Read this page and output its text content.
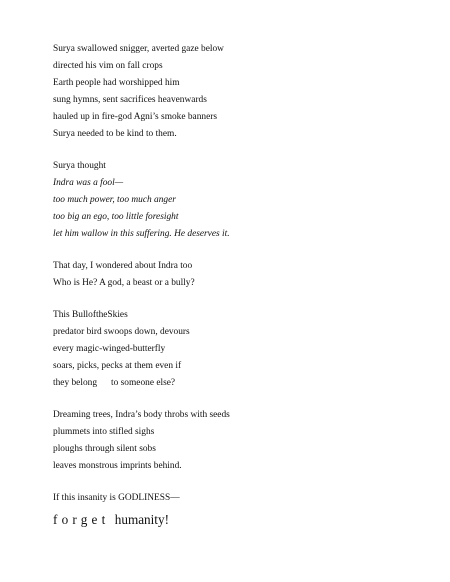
Surya swallowed snigger, averted gaze below
directed his vim on fall crops
Earth people had worshipped him
sung hymns, sent sacrifices heavenwards
hauled up in fire-god Agni’s smoke banners
Surya needed to be kind to them.
Surya thought
Indra was a fool—
too much power, too much anger
too big an ego, too little foresight
let him wallow in this suffering. He deserves it.
That day, I wondered about Indra too
Who is He? A god, a beast or a bully?
This BulloftheSkies
predator bird swoops down, devours
every magic-winged-butterfly
soars, picks, pecks at them even if
they belong to someone else?
Dreaming trees, Indra’s body throbs with seeds
plummets into stifled sighs
ploughs through silent sobs
leaves monstrous imprints behind.
If this insanity is GODLINESS—
forget humanity!
